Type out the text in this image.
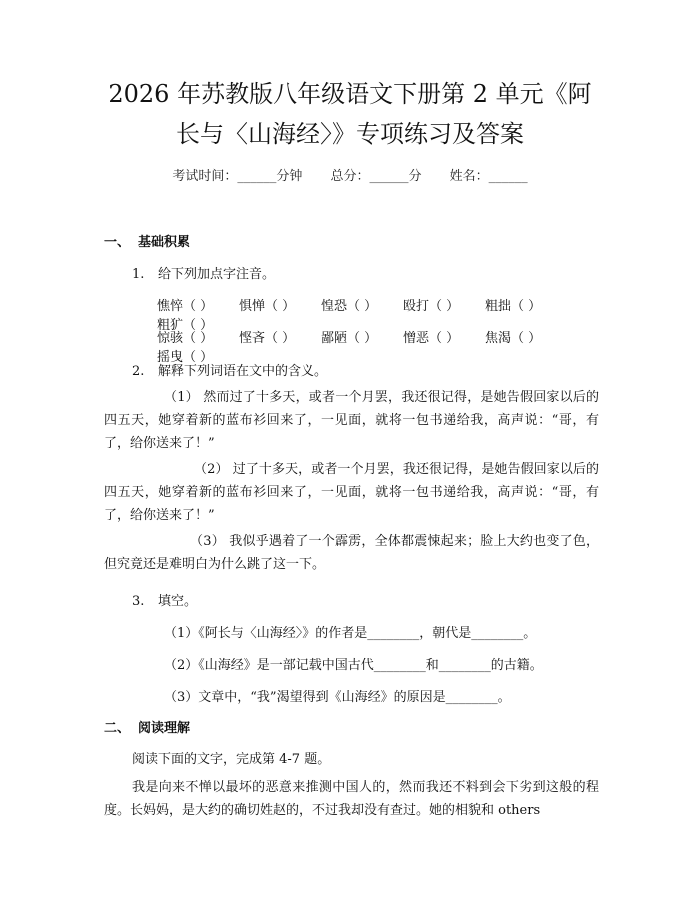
2026 年苏教版八年级语文下册第 2 单元《阿
长与〈山海经〉》专项练习及答案
考试时间：______分钟 总分：______分 姓名：______
一、 基础积累
1. 给下列加点字注音。
憔悴（ ） 惧惮（ ） 惶恐（ ） 殴打（ ） 粗拙（ ）粗犷（ ）
惊骇（ ） 悭吝（ ） 鄙陋（ ） 憎恶（ ） 焦渴（ ）摇曳（ ）
2. 解释下列词语在文中的含义。
（1） 然而过了十多天，或者一个月罢，我还很记得，是她告假回家以后的四五天，她穿着新的蓝布衫回来了，一见面，就将一包书递给我，高声说：“哥，有了，给你送来了！”
（2） 过了十多天，或者一个月罢，我还很记得，是她告假回家以后的四五天，她穿着新的蓝布衫回来了，一见面，就将一包书递给我，高声说：“哥，有了，给你送来了！”
（3） 我似乎遇着了一个霹雳，全体都震悚起来；脸上大约也变了色，但究竟还是难明白为什么跳了这一下。
3. 填空。
（1）《阿长与〈山海经〉》的作者是________，朝代是________。
（2）《山海经》是一部记载中国古代________和________的古籍。
（3）文章中，“我”渴望得到《山海经》的原因是________。
二、 阅读理解
阅读下面的文字，完成第 4-7 题。
我是向来不惮以最坏的恶意来推测中国人的，然而我还不料到会下劣到这般的程度。长妈妈，是大约的确切姓赵的，不过我却没有查过。她的相貌和 others
